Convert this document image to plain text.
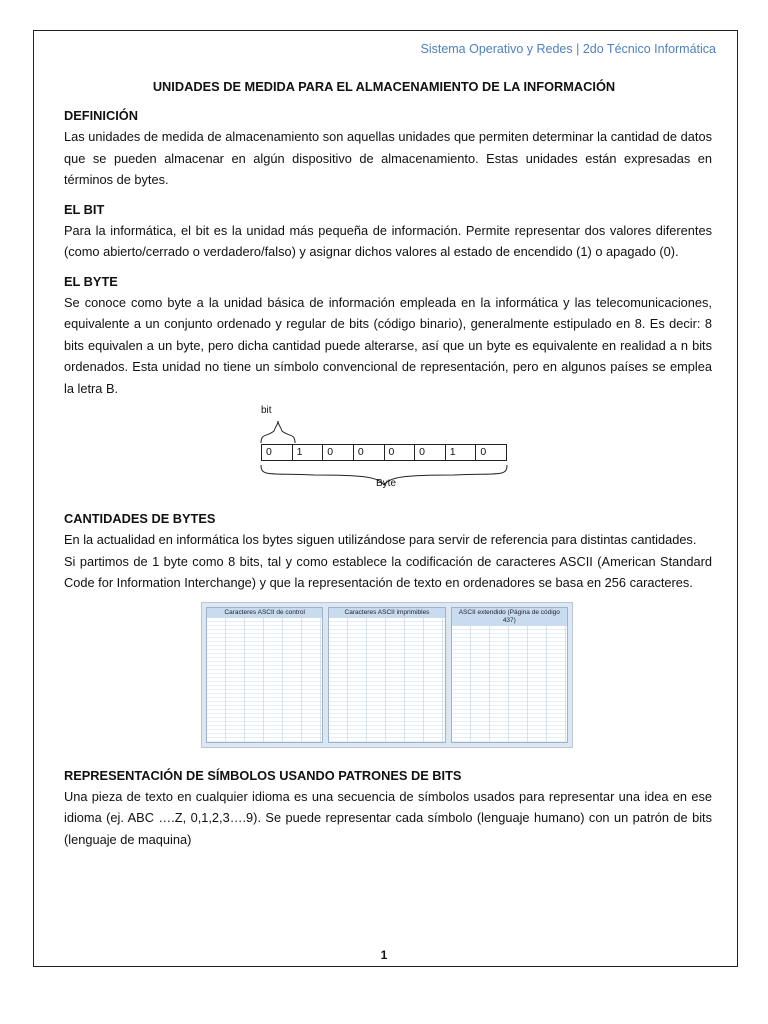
Sistema Operativo y Redes | 2do Técnico Informática
UNIDADES DE MEDIDA PARA EL ALMACENAMIENTO DE LA INFORMACIÓN

DEFINICIÓN

Las unidades de medida de almacenamiento son aquellas unidades que permiten determinar la cantidad de datos que se pueden almacenar en algún dispositivo de almacenamiento. Estas unidades están expresadas en términos de bytes.

EL BIT

Para la informática, el bit es la unidad más pequeña de información. Permite representar dos valores diferentes (como abierto/cerrado o verdadero/falso) y asignar dichos valores al estado de encendido (1) o apagado (0).

EL BYTE

Se conoce como byte a la unidad básica de información empleada en la informática y las telecomunicaciones, equivalente a un conjunto ordenado y regular de bits (código binario), generalmente estipulado en 8. Es decir: 8 bits equivalen a un byte, pero dicha cantidad puede alterarse, así que un byte es equivalente en realidad a n bits ordenados. Esta unidad no tiene un símbolo convencional de representación, pero en algunos países se emplea la letra B.

bit
0	1	0	0	0	0	1	0
Byte

CANTIDADES DE BYTES

En la actualidad en informática los bytes siguen utilizándose para servir de referencia para distintas cantidades.

Si partimos de 1 byte como 8 bits, tal y como establece la codificación de caracteres ASCII (American Standard Code for Information Interchange) y que la representación de texto en ordenadores se basa en 256 caracteres.

Caracteres ASCII de control	Caracteres ASCII imprimibles	ASCII extendido (Página de código 437)

REPRESENTACIÓN DE SÍMBOLOS USANDO PATRONES DE BITS

Una pieza de texto en cualquier idioma es una secuencia de símbolos usados para representar una idea en ese idioma (ej. ABC ….Z, 0,1,2,3….9). Se puede representar cada símbolo (lenguaje humano) con un patrón de bits (lenguaje de maquina)

1
